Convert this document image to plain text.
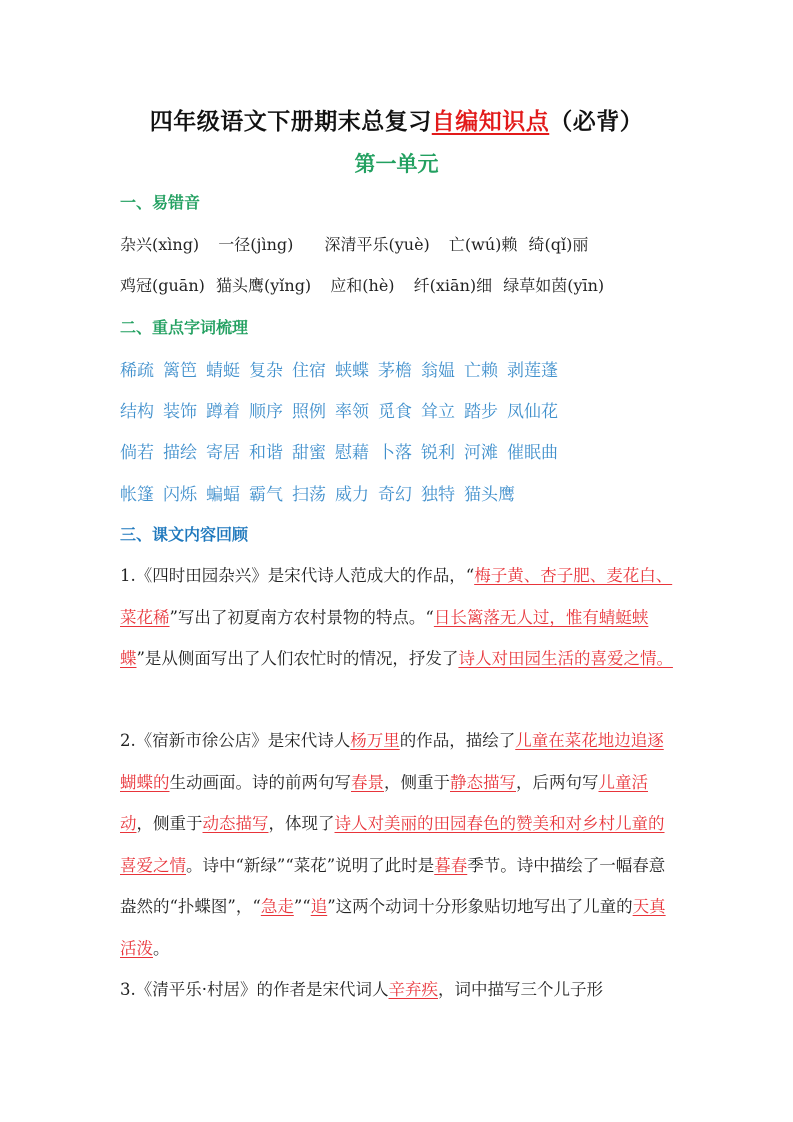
四年级语文下册期末总复习自编知识点（必背）
第一单元
一、易错音
杂兴(xìng) 一径(jìng) 深清平乐(yuè) 亡(wú)赖 绮(qǐ)丽
鸡冠(guān) 猫头鹰(yǐng) 应和(hè) 纤(xiān)细 绿草如茵(yīn)
二、重点字词梳理
稀疏 篱笆 蜻蜓 复杂 住宿 蛱蝶 茅檐 翁媪 亡赖 剥莲蓬
结构 装饰 蹲着 顺序 照例 率领 觅食 耸立 踏步 凤仙花
倘若 描绘 寄居 和谐 甜蜜 慰藉 卜落 锐利 河滩 催眠曲
帐篷 闪烁 蝙蝠 霸气 扫荡 威力 奇幻 独特 猫头鹰
三、课文内容回顾
1.《四时田园杂兴》是宋代诗人范成大的作品，“梅子黄、杏子肥、麦花白、菜花稀”写出了初夏南方农村景物的特点。“日长篱落无人过，惟有蜻蜓蛱蝶”是从侧面写出了人们农忙时的情况，抒发了诗人对田园生活的喜爱之情。
2.《宿新市徐公店》是宋代诗人杨万里的作品，描绘了儿童在菜花地边追逐蝴蝶的生动画面。诗的前两句写春景，侧重于静态描写，后两句写儿童活动，侧重于动态描写，体现了诗人对美丽的田园春色的赞美和对乡村儿童的喜爱之情。诗中“新绿”“菜花”说明了此时是暮春季节。诗中描绘了一幅春意盎然的“扑蝶图”，“急走”“追”这两个动词十分形象贴切地写出了儿童的天真活泼。
3.《清平乐·村居》的作者是宋代词人辛弃疾，词中描写三个儿子形
